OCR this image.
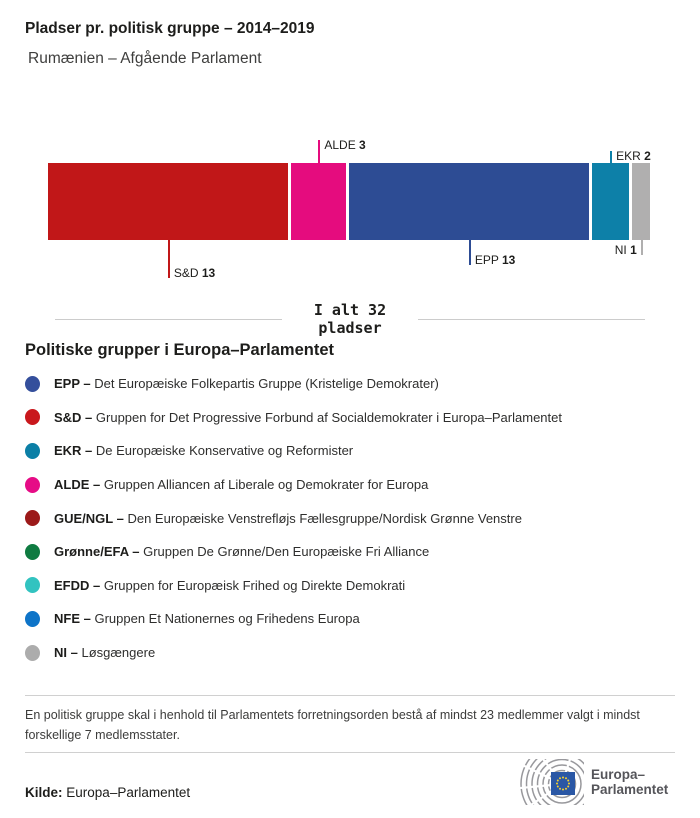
Pladser pr. politisk gruppe – 2014–2019
Rumænien – Afgående Parlament
S&D 13
ALDE 3
EPP 13
EKR 2
NI 1
I alt 32
pladser
Politiske grupper i Europa–Parlamentet
EPP – Det Europæiske Folkepartis Gruppe (Kristelige Demokrater)
S&D – Gruppen for Det Progressive Forbund af Socialdemokrater i Europa–Parlamentet
EKR – De Europæiske Konservative og Reformister
ALDE – Gruppen Alliancen af Liberale og Demokrater for Europa
GUE/NGL – Den Europæiske Venstrefløjs Fællesgruppe/Nordisk Grønne Venstre
Grønne/EFA – Gruppen De Grønne/Den Europæiske Fri Alliance
EFDD – Gruppen for Europæisk Frihed og Direkte Demokrati
NFE – Gruppen Et Nationernes og Frihedens Europa
NI – Løsgængere
En politisk gruppe skal i henhold til Parlamentets forretningsorden bestå af mindst 23 medlemmer valgt i mindst
forskellige 7 medlemsstater.
Kilde: Europa–Parlamentet
Europa–
Parlamentet
